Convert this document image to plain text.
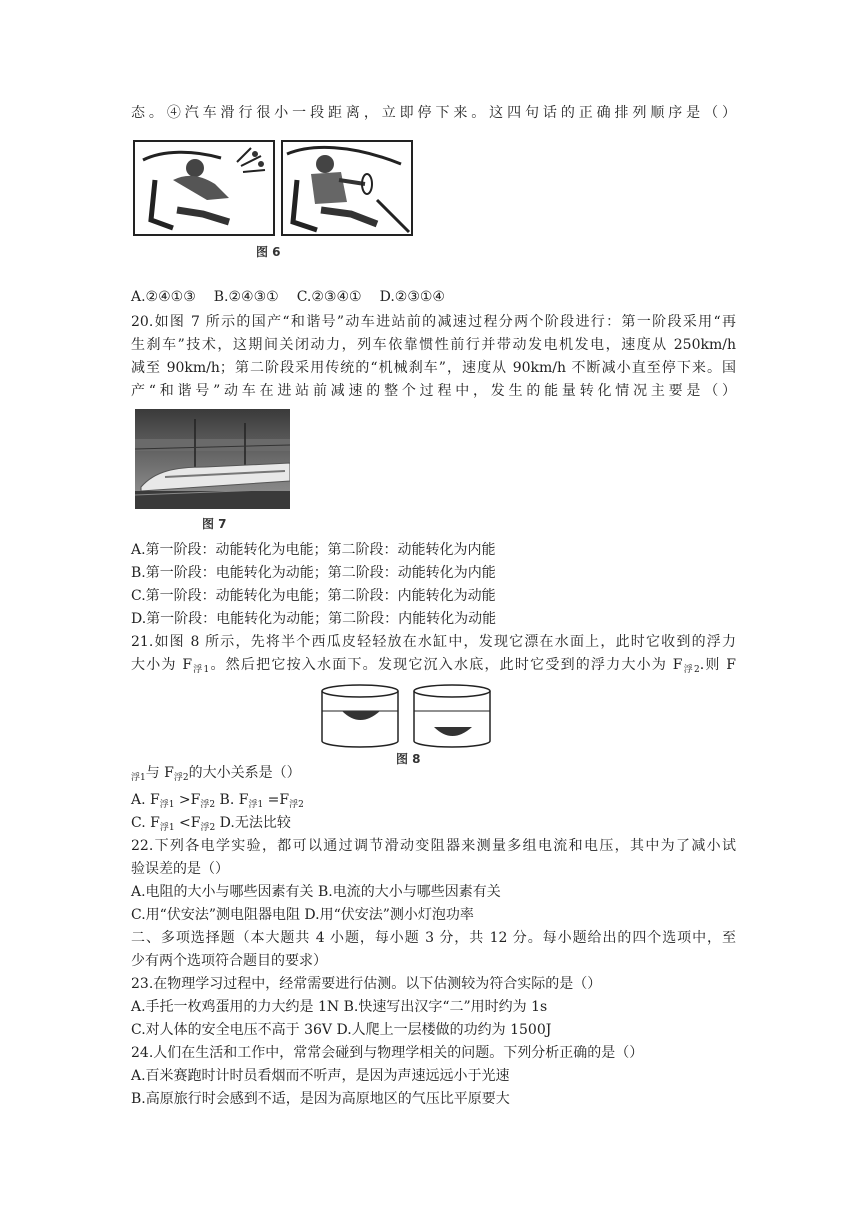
态。④汽车滑行很小一段距离，立即停下来。这四句话的正确排列顺序是（）
图 6
A.②④①③ B.②④③① C.②③④① D.②③①④
20.如图 7 所示的国产“和谐号”动车进站前的减速过程分两个阶段进行：第一阶段采用“再
生刹车”技术，这期间关闭动力，列车依靠惯性前行并带动发电机发电，速度从 250km/h
减至 90km/h；第二阶段采用传统的“机械刹车”，速度从 90km/h 不断减小直至停下来。国
产“和谐号”动车在进站前减速的整个过程中，发生的能量转化情况主要是（）
图 7
A.第一阶段：动能转化为电能；第二阶段：动能转化为内能
B.第一阶段：电能转化为动能；第二阶段：动能转化为内能
C.第一阶段：动能转化为电能；第二阶段：内能转化为动能
D.第一阶段：电能转化为动能；第二阶段：内能转化为动能
21.如图 8 所示，先将半个西瓜皮轻轻放在水缸中，发现它漂在水面上，此时它收到的浮力
大小为 $F_{浮1}$。然后把它按入水面下。发现它沉入水底，此时它受到的浮力大小为 $F_{浮2}$.则 F
图 8
$_{浮1}$与 $F_{浮2}$的大小关系是（）
A. $F_{浮1} >F_{浮2}$ B. $F_{浮1} =F_{浮2}$
C. $F_{浮1} <F_{浮2}$ D.无法比较
22.下列各电学实验，都可以通过调节滑动变阻器来测量多组电流和电压，其中为了减小试
验误差的是（）
A.电阻的大小与哪些因素有关 B.电流的大小与哪些因素有关
C.用“伏安法”测电阻器电阻 D.用“伏安法”测小灯泡功率
二、多项选择题（本大题共 4 小题，每小题 3 分，共 12 分。每小题给出的四个选项中，至
少有两个选项符合题目的要求）
23.在物理学习过程中，经常需要进行估测。以下估测较为符合实际的是（）
A.手托一枚鸡蛋用的力大约是 1N B.快速写出汉字“二”用时约为 1s
C.对人体的安全电压不高于 36V D.人爬上一层楼做的功约为 1500J
24.人们在生活和工作中，常常会碰到与物理学相关的问题。下列分析正确的是（）
A.百米赛跑时计时员看烟而不听声，是因为声速远远小于光速
B.高原旅行时会感到不适，是因为高原地区的气压比平原要大
